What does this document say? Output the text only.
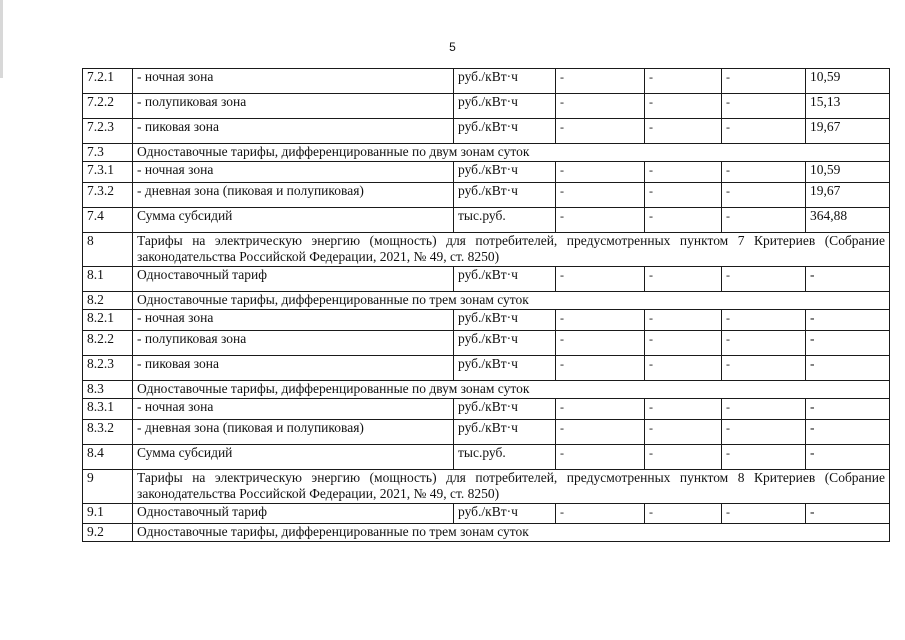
5
7.2.1	- ночная зона	руб./кВт·ч	-	-	-	10,59
7.2.2	- полупиковая зона	руб./кВт·ч	-	-	-	15,13
7.2.3	- пиковая зона	руб./кВт·ч	-	-	-	19,67
7.3	Одноставочные тарифы, дифференцированные по двум зонам суток					
7.3.1	- ночная зона	руб./кВт·ч	-	-	-	10,59
7.3.2	- дневная зона (пиковая и полупиковая)	руб./кВт·ч	-	-	-	19,67
7.4	Сумма субсидий	тыс.руб.	-	-	-	364,88
8	Тарифы на электрическую энергию (мощность) для потребителей, предусмотренных пунктом 7 Критериев (Собрание законодательства Российской Федерации, 2021, № 49, ст. 8250)					
8.1	Одноставочный тариф	руб./кВт·ч	-	-	-	-
8.2	Одноставочные тарифы, дифференцированные по трем зонам суток					
8.2.1	- ночная зона	руб./кВт·ч	-	-	-	-
8.2.2	- полупиковая зона	руб./кВт·ч	-	-	-	-
8.2.3	- пиковая зона	руб./кВт·ч	-	-	-	-
8.3	Одноставочные тарифы, дифференцированные по двум зонам суток					
8.3.1	- ночная зона	руб./кВт·ч	-	-	-	-
8.3.2	- дневная зона (пиковая и полупиковая)	руб./кВт·ч	-	-	-	-
8.4	Сумма субсидий	тыс.руб.	-	-	-	-
9	Тарифы на электрическую энергию (мощность) для потребителей, предусмотренных пунктом 8 Критериев (Собрание законодательства Российской Федерации, 2021, № 49, ст. 8250)					
9.1	Одноставочный тариф	руб./кВт·ч	-	-	-	-
9.2	Одноставочные тарифы, дифференцированные по трем зонам суток					
